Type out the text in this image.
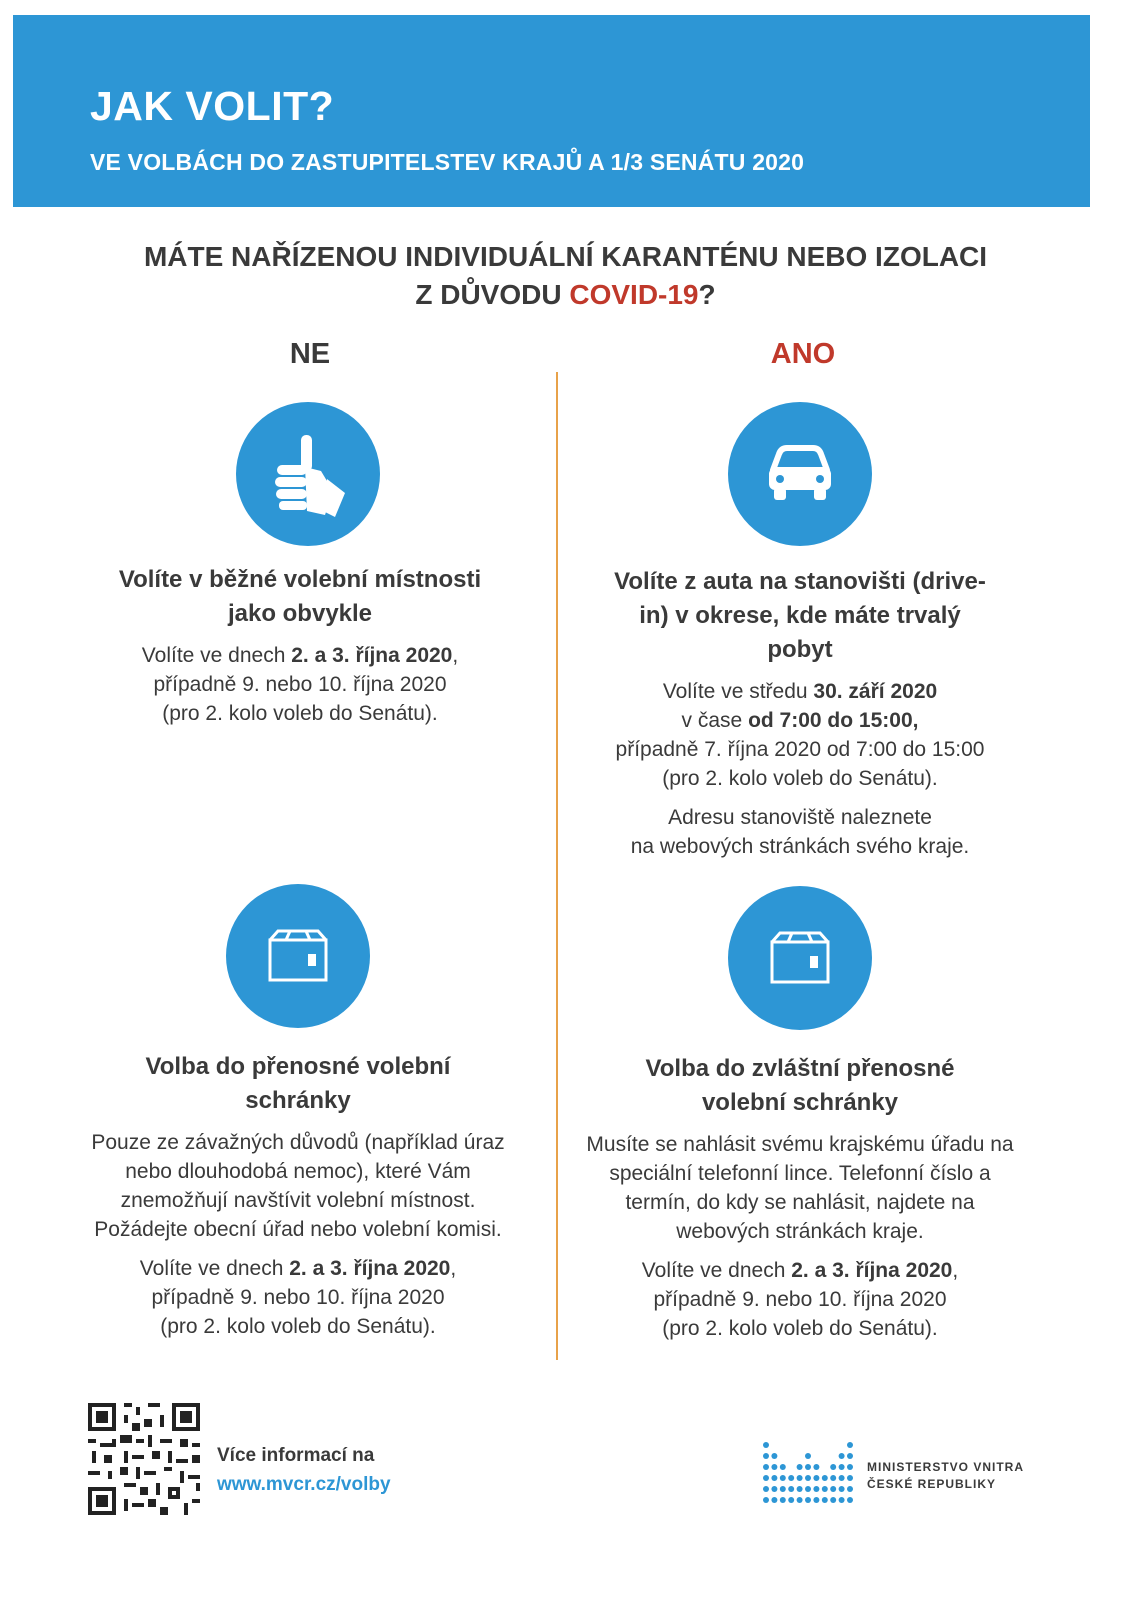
JAK VOLIT?
VE VOLBÁCH DO ZASTUPITELSTEV KRAJŮ A 1/3 SENÁTU 2020

MÁTE NAŘÍZENOU INDIVIDUÁLNÍ KARANTÉNU NEBO IZOLACI
Z DŮVODU COVID-19?

NE	ANO

Volíte v běžné volební místnosti jako obvykle

Volíte ve dnech 2. a 3. října 2020,
případně 9. nebo 10. října 2020
(pro 2. kolo voleb do Senátu).

Volíte z auta na stanovišti (drive-in) v okrese, kde máte trvalý pobyt

Volíte ve středu 30. září 2020
v čase od 7:00 do 15:00,
případně 7. října 2020 od 7:00 do 15:00
(pro 2. kolo voleb do Senátu).

Adresu stanoviště naleznete
na webových stránkách svého kraje.

Volba do přenosné volební schránky

Pouze ze závažných důvodů (například úraz nebo dlouhodobá nemoc), které Vám znemožňují navštívit volební místnost. Požádejte obecní úřad nebo volební komisi.

Volíte ve dnech 2. a 3. října 2020,
případně 9. nebo 10. října 2020
(pro 2. kolo voleb do Senátu).

Volba do zvláštní přenosné volební schránky

Musíte se nahlásit svému krajskému úřadu na speciální telefonní lince. Telefonní číslo a termín, do kdy se nahlásit, najdete na webových stránkách kraje.

Volíte ve dnech 2. a 3. října 2020,
případně 9. nebo 10. října 2020
(pro 2. kolo voleb do Senátu).

Více informací na
www.mvcr.cz/volby
MINISTERSTVO VNITRA
ČESKÉ REPUBLIKY
